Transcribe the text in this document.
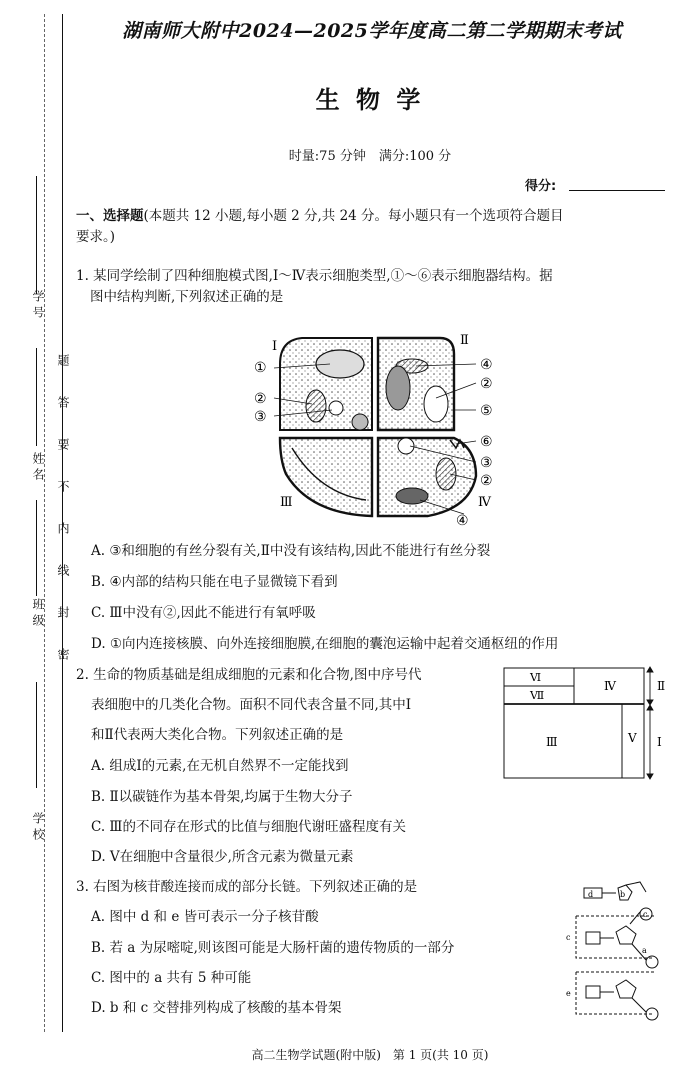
学 号
姓 名
班 级
学 校
题
答
要
不
内
线
封
密
湖南师大附中2024—2025学年度高二第二学期期末考试
生 物 学
时量:75 分钟　满分:100 分
得分:
一、选择题(本题共 12 小题,每小题 2 分,共 24 分。每小题只有一个选项符合题目
要求。)
1. 某同学绘制了四种细胞模式图,Ⅰ～Ⅳ表示细胞类型,①～⑥表示细胞器结构。据
图中结构判断,下列叙述正确的是
Ⅰ	Ⅱ
Ⅲ	Ⅳ
①
②
③
④
②
⑤
⑥
③
②
④
A. ③和细胞的有丝分裂有关,Ⅱ中没有该结构,因此不能进行有丝分裂
B. ④内部的结构只能在电子显微镜下看到
C. Ⅲ中没有②,因此不能进行有氧呼吸
D. ①向内连接核膜、向外连接细胞膜,在细胞的囊泡运输中起着交通枢纽的作用
2. 生命的物质基础是组成细胞的元素和化合物,图中序号代
表细胞中的几类化合物。面积不同代表含量不同,其中Ⅰ
和Ⅱ代表两大类化合物。下列叙述正确的是
Ⅵ
Ⅶ
Ⅳ
Ⅲ	Ⅴ
Ⅱ
Ⅰ
A. 组成Ⅰ的元素,在无机自然界不一定能找到
B. Ⅱ以碳链作为基本骨架,均属于生物大分子
C. Ⅲ的不同存在形式的比值与细胞代谢旺盛程度有关
D. Ⅴ在细胞中含量很少,所含元素为微量元素
3. 右图为核苷酸连接而成的部分长链。下列叙述正确的是	d	b
c
c
e
a
A. 图中 d 和 e 皆可表示一分子核苷酸
B. 若 a 为尿嘧啶,则该图可能是大肠杆菌的遗传物质的一部分
C. 图中的 a 共有 5 种可能
D. b 和 c 交替排列构成了核酸的基本骨架
高二生物学试题(附中版)　第 1 页(共 10 页)
